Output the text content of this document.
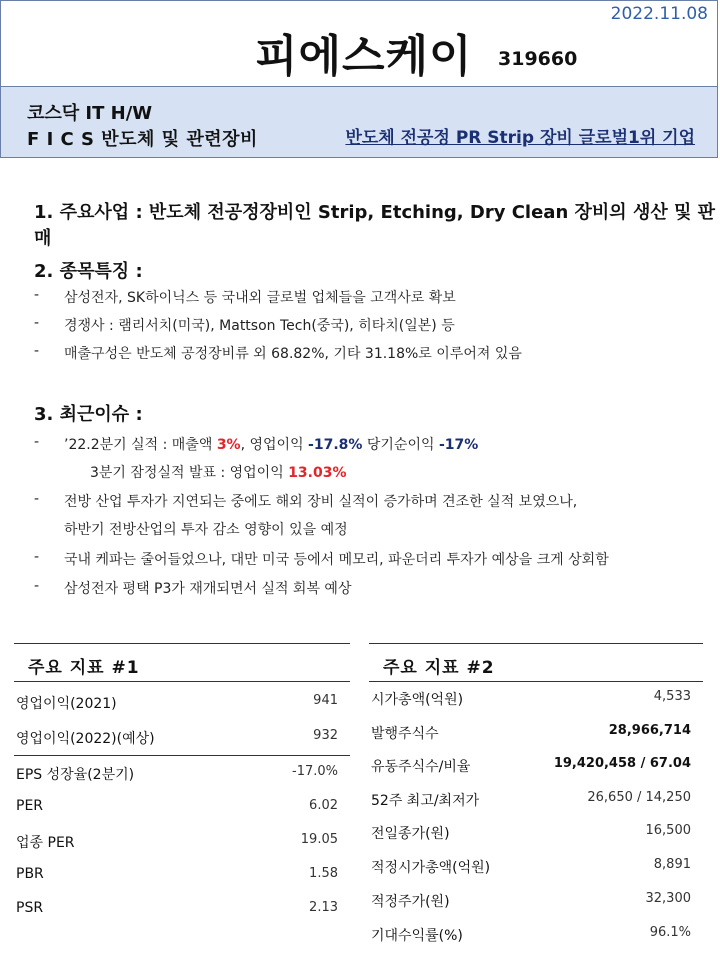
2022.11.08
피에스케이 319660
코스닥 IT H/W
F I C S 반도체 및 관련장비	반도체 전공정 PR Strip 장비 글로벌1위 기업
1. 주요사업 : 반도체 전공정장비인 Strip, Etching, Dry Clean 장비의 생산 및 판매
2. 종목특징 :
- 삼성전자, SK하이닉스 등 국내외 글로벌 업체들을 고객사로 확보
- 경쟁사 : 램리서치(미국), Mattson Tech(중국), 히타치(일본) 등
- 매출구성은 반도체 공정장비류 외 68.82%, 기타 31.18%로 이루어져 있음
3. 최근이슈 :
- ’22.2분기 실적 : 매출액 3%, 영업이익 -17.8% 당기순이익 -17%
3분기 잠정실적 발표 : 영업이익 13.03%
- 전방 산업 투자가 지연되는 중에도 해외 장비 실적이 증가하며 견조한 실적 보였으나,
하반기 전방산업의 투자 감소 영향이 있을 예정
- 국내 케파는 줄어들었으나, 대만 미국 등에서 메모리, 파운더리 투자가 예상을 크게 상회함
- 삼성전자 평택 P3가 재개되면서 실적 회복 예상
주요 지표 #1
영업이익(2021)	941
영업이익(2022)(예상)	932
EPS 성장율(2분기)	-17.0%
PER	6.02
업종 PER	19.05
PBR	1.58
PSR	2.13
주요 지표 #2
시가총액(억원)	4,533
발행주식수	28,966,714
유동주식수/비율	19,420,458 / 67.04
52주 최고/최저가	26,650 / 14,250
전일종가(원)	16,500
적정시가총액(억원)	8,891
적정주가(원)	32,300
기대수익률(%)	96.1%
